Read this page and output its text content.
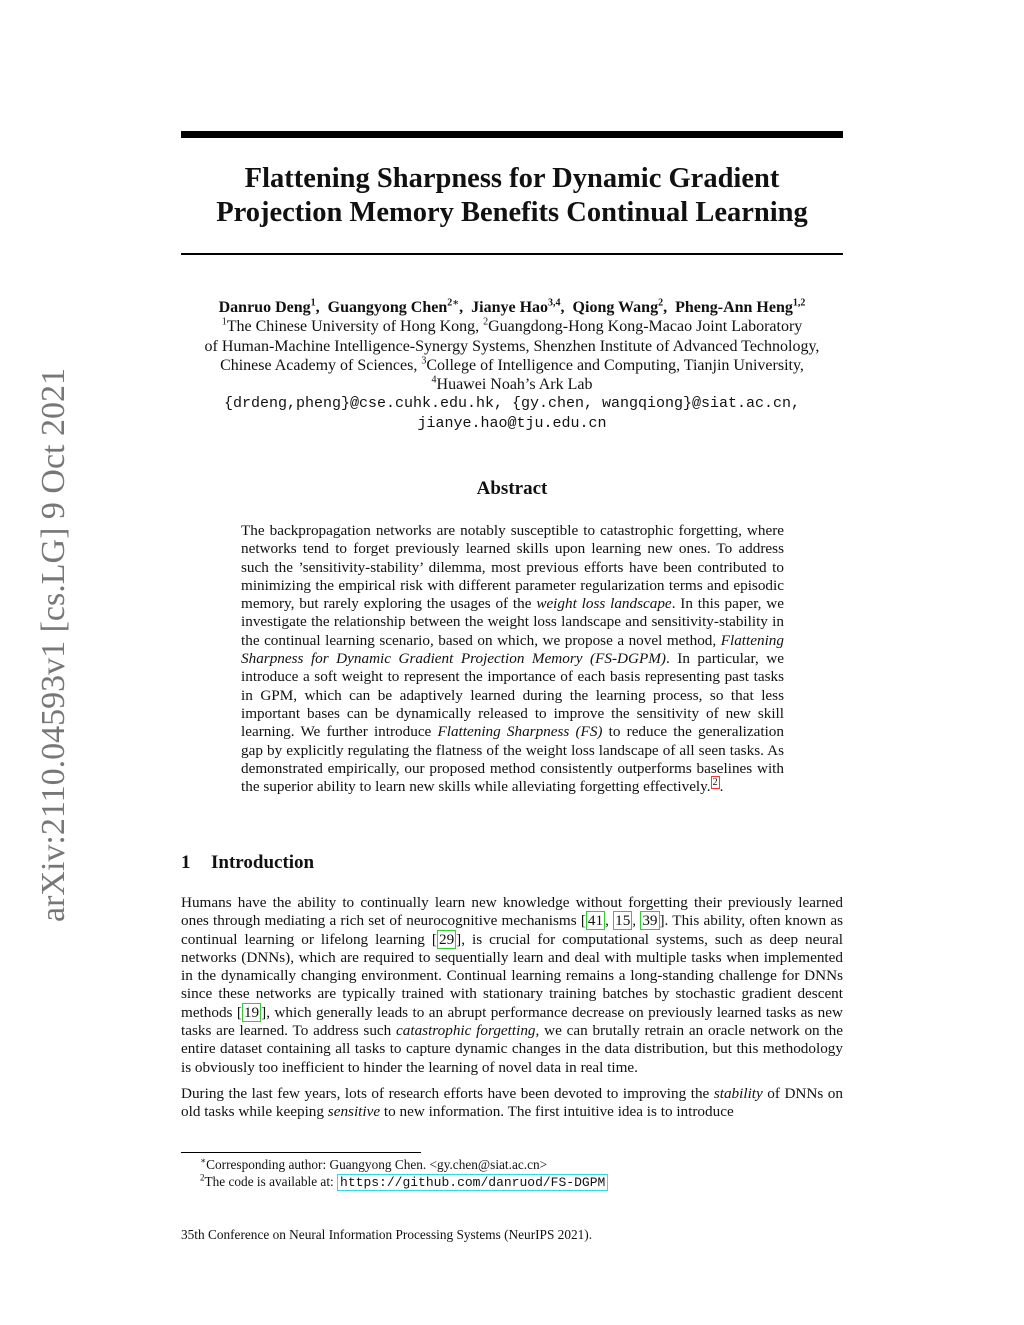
arXiv:2110.04593v1 [cs.LG] 9 Oct 2021
Flattening Sharpness for Dynamic Gradient
Projection Memory Benefits Continual Learning
Danruo Deng$^1$,  Guangyong Chen$^{2∗}$,  Jianye Hao$^{3,4}$,  Qiong Wang$^2$,  Pheng-Ann Heng$^{1,2}$
$^1$The Chinese University of Hong Kong, $^2$Guangdong-Hong Kong-Macao Joint Laboratory
of Human-Machine Intelligence-Synergy Systems, Shenzhen Institute of Advanced Technology,
Chinese Academy of Sciences, $^3$College of Intelligence and Computing, Tianjin University,
$^4$Huawei Noah’s Ark Lab
{drdeng,pheng}@cse.cuhk.edu.hk, {gy.chen, wangqiong}@siat.ac.cn,
jianye.hao@tju.edu.cn
Abstract
The backpropagation networks are notably susceptible to catastrophic forgetting, where networks tend to forget previously learned skills upon learning new ones. To address such the ’sensitivity-stability’ dilemma, most previous efforts have been contributed to minimizing the empirical risk with different parameter regularization terms and episodic memory, but rarely exploring the usages of the weight loss landscape. In this paper, we investigate the relationship between the weight loss landscape and sensitivity-stability in the continual learning scenario, based on which, we propose a novel method, Flattening Sharpness for Dynamic Gradient Projection Memory (FS-DGPM). In particular, we introduce a soft weight to represent the importance of each basis representing past tasks in GPM, which can be adaptively learned during the learning process, so that less important bases can be dynamically released to improve the sensitivity of new skill learning. We further introduce Flattening Sharpness (FS) to reduce the generalization gap by explicitly regulating the flatness of the weight loss landscape of all seen tasks. As demonstrated empirically, our proposed method consistently outperforms baselines with the superior ability to learn new skills while alleviating forgetting effectively. $^2$ .
1 Introduction

Humans have the ability to continually learn new knowledge without forgetting their previously learned ones through mediating a rich set of neurocognitive mechanisms [ 41 , 15 , 39 ]. This ability, often known as continual learning or lifelong learning [ 29 ], is crucial for computational systems, such as deep neural networks (DNNs), which are required to sequentially learn and deal with multiple tasks when implemented in the dynamically changing environment. Continual learning remains a long-standing challenge for DNNs since these networks are typically trained with stationary training batches by stochastic gradient descent methods [ 19 ], which generally leads to an abrupt performance decrease on previously learned tasks as new tasks are learned. To address such catastrophic forgetting, we can brutally retrain an oracle network on the entire dataset containing all tasks to capture dynamic changes in the data distribution, but this methodology is obviously too inefficient to hinder the learning of novel data in real time.

During the last few years, lots of research efforts have been devoted to improving the stability of DNNs on old tasks while keeping sensitive to new information. The first intuitive idea is to introduce

∗Corresponding author: Guangyong Chen. <gy.chen@siat.ac.cn>
$^2$The code is available at: https://github.com/danruod/FS-DGPM
35th Conference on Neural Information Processing Systems (NeurIPS 2021).
